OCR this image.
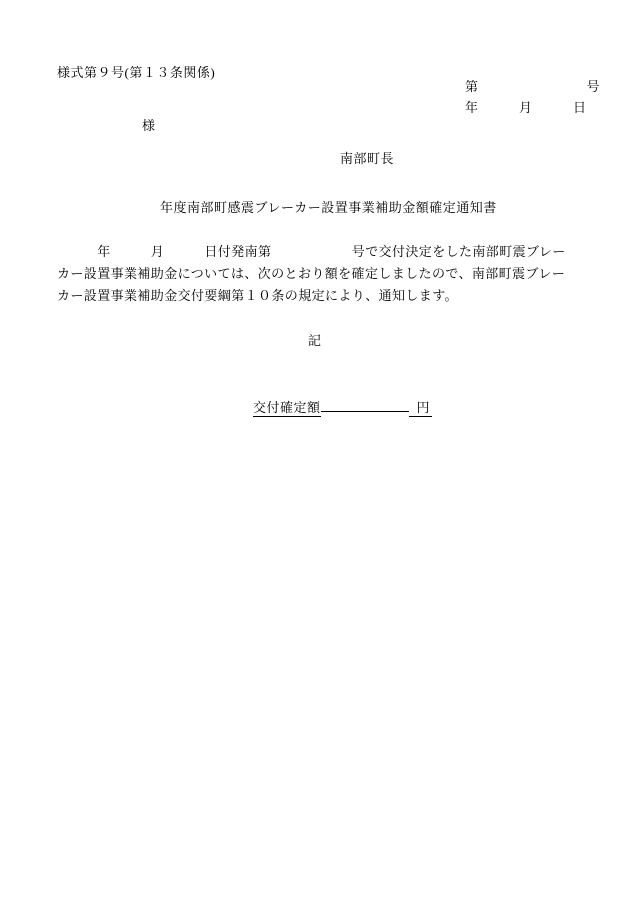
様式第９号(第１３条関係)
第　　　　　　　　号
年　　　月　　　日
様
南部町長
年度南部町感震ブレーカー設置事業補助金額確定通知書

　　　年　　　月　　　日付発南第　　　　　　号で交付決定をした南部町震ブレーカー設置事業補助金については、次のとおり額を確定しましたので、南部町震ブレーカー設置事業補助金交付要綱第１０条の規定により、通知します。

記

交付確定額	円
